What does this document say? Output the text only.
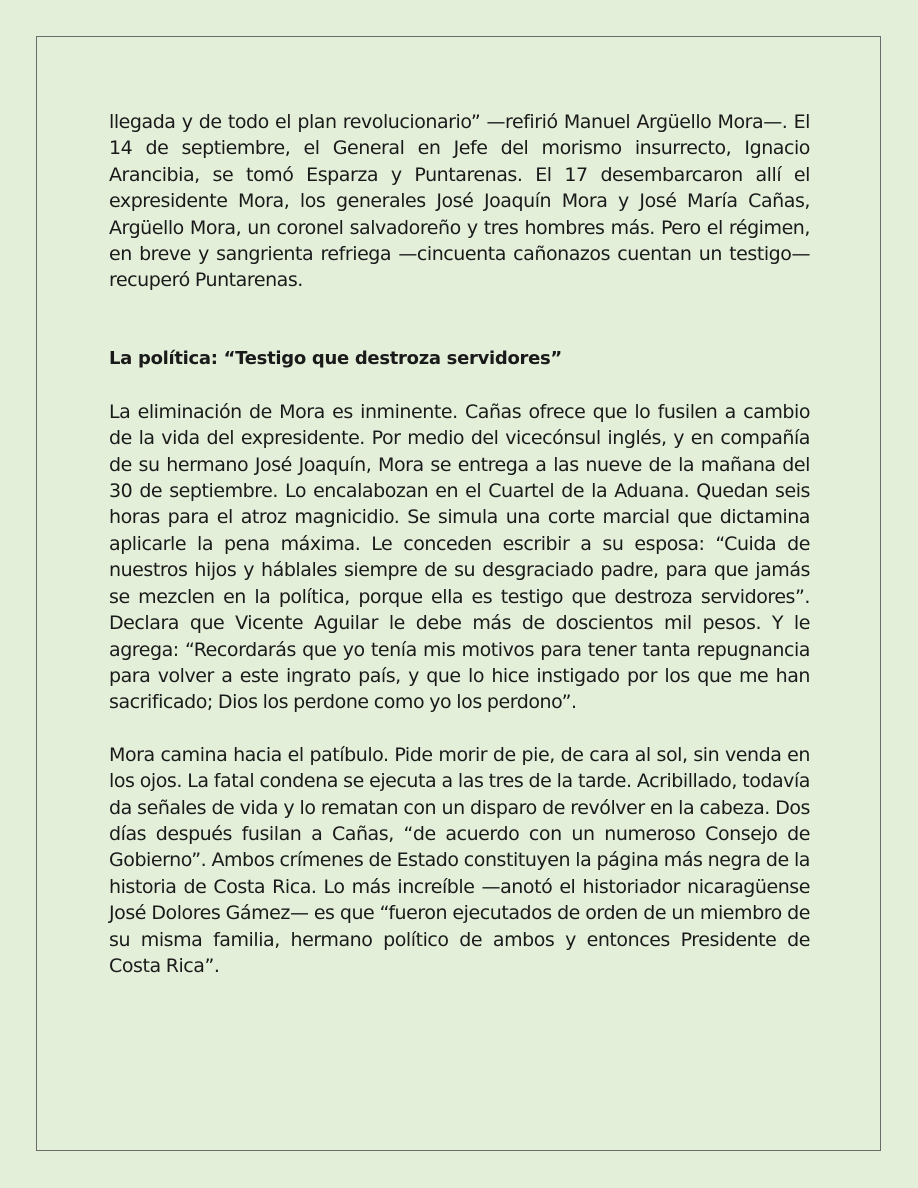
llegada y de todo el plan revolucionario” —refirió Manuel Argüello Mora—. El 14 de septiembre, el General en Jefe del morismo insurrecto, Ignacio Arancibia, se tomó Esparza y Puntarenas. El 17 desembarcaron allí el expresidente Mora, los generales José Joaquín Mora y José María Cañas, Argüello Mora, un coronel salvadoreño y tres hombres más. Pero el régimen, en breve y sangrienta refriega —cincuenta cañonazos cuentan un testigo— recuperó Puntarenas.

La política: “Testigo que destroza servidores”

La eliminación de Mora es inminente. Cañas ofrece que lo fusilen a cambio de la vida del expresidente. Por medio del vicecónsul inglés, y en compañía de su hermano José Joaquín, Mora se entrega a las nueve de la mañana del 30 de septiembre. Lo encalabozan en el Cuartel de la Aduana. Quedan seis horas para el atroz magnicidio. Se simula una corte marcial que dictamina aplicarle la pena máxima. Le conceden escribir a su esposa: “Cuida de nuestros hijos y háblales siempre de su desgraciado padre, para que jamás se mezclen en la política, porque ella es testigo que destroza servidores”. Declara que Vicente Aguilar le debe más de doscientos mil pesos. Y le agrega: “Recordarás que yo tenía mis motivos para tener tanta repugnancia para volver a este ingrato país, y que lo hice instigado por los que me han sacrificado; Dios los perdone como yo los perdono”.

Mora camina hacia el patíbulo. Pide morir de pie, de cara al sol, sin venda en los ojos. La fatal condena se ejecuta a las tres de la tarde. Acribillado, todavía da señales de vida y lo rematan con un disparo de revólver en la cabeza. Dos días después fusilan a Cañas, “de acuerdo con un numeroso Consejo de Gobierno”. Ambos crímenes de Estado constituyen la página más negra de la historia de Costa Rica. Lo más increíble —anotó el historiador nicaragüense José Dolores Gámez— es que “fueron ejecutados de orden de un miembro de su misma familia, hermano político de ambos y entonces Presidente de Costa Rica”.
